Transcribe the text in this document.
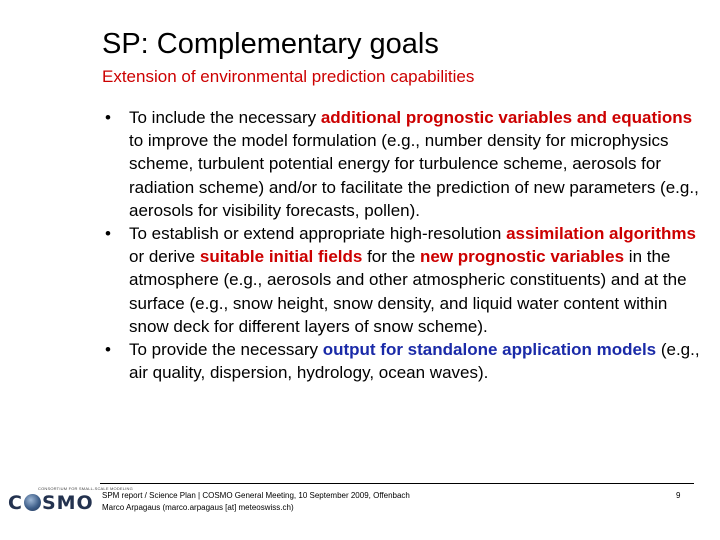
SP: Complementary goals
Extension of environmental prediction capabilities
• To include the necessary additional prognostic variables and equations to improve the model formulation (e.g., number density for microphysics scheme, turbulent potential energy for turbulence scheme, aerosols for radiation scheme) and/or to facilitate the prediction of new parameters (e.g., aerosols for visibility forecasts, pollen).
• To establish or extend appropriate high-resolution assimilation algorithms or derive suitable initial fields for the new prognostic variables in the atmosphere (e.g., aerosols and other atmospheric constituents) and at the surface (e.g., snow height, snow density, and liquid water content within snow deck for different layers of snow scheme).
• To provide the necessary output for standalone application models (e.g., air quality, dispersion, hydrology, ocean waves).
CONSORTIUM FOR SMALL-SCALE MODELING
C SMO SPM report / Science Plan | COSMO General Meeting, 10 September 2009, Offenbach
Marco Arpagaus (marco.arpagaus [at] meteoswiss.ch)
9
